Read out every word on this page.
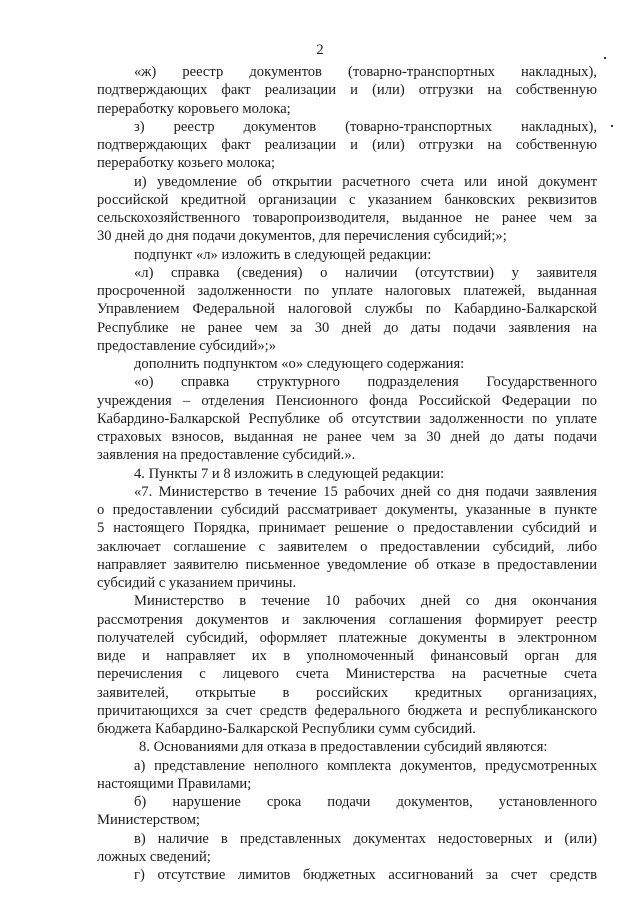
2
«ж) реестр документов (товарно-транспортных накладных),
подтверждающих факт реализации и (или) отгрузки на собственную
переработку коровьего молока;
з) реестр документов (товарно-транспортных накладных),
подтверждающих факт реализации и (или) отгрузки на собственную
переработку козьего молока;
и) уведомление об открытии расчетного счета или иной документ
российской кредитной организации с указанием банковских реквизитов
сельскохозяйственного товаропроизводителя, выданное не ранее чем за
30 дней до дня подачи документов, для перечисления субсидий;»;
подпункт «л» изложить в следующей редакции:
«л) справка (сведения) о наличии (отсутствии) у заявителя
просроченной задолженности по уплате налоговых платежей, выданная
Управлением Федеральной налоговой службы по Кабардино-Балкарской
Республике не ранее чем за 30 дней до даты подачи заявления на
предоставление субсидий»;»
дополнить подпунктом «о» следующего содержания:
«о) справка структурного подразделения Государственного
учреждения – отделения Пенсионного фонда Российской Федерации по
Кабардино-Балкарской Республике об отсутствии задолженности по уплате
страховых взносов, выданная не ранее чем за 30 дней до даты подачи
заявления на предоставление субсидий.».
4. Пункты 7 и 8 изложить в следующей редакции:
«7. Министерство в течение 15 рабочих дней со дня подачи заявления
о предоставлении субсидий рассматривает документы, указанные в пункте
5 настоящего Порядка, принимает решение о предоставлении субсидий и
заключает соглашение с заявителем о предоставлении субсидий, либо
направляет заявителю письменное уведомление об отказе в предоставлении
субсидий с указанием причины.
Министерство в течение 10 рабочих дней со дня окончания
рассмотрения документов и заключения соглашения формирует реестр
получателей субсидий, оформляет платежные документы в электронном
виде и направляет их в уполномоченный финансовый орган для
перечисления с лицевого счета Министерства на расчетные счета
заявителей, открытые в российских кредитных организациях,
причитающихся за счет средств федерального бюджета и республиканского
бюджета Кабардино-Балкарской Республики сумм субсидий.
8. Основаниями для отказа в предоставлении субсидий являются:
а) представление неполного комплекта документов, предусмотренных
настоящими Правилами;
б) нарушение срока подачи документов, установленного
Министерством;
в) наличие в представленных документах недостоверных и (или)
ложных сведений;
г) отсутствие лимитов бюджетных ассигнований за счет средств
